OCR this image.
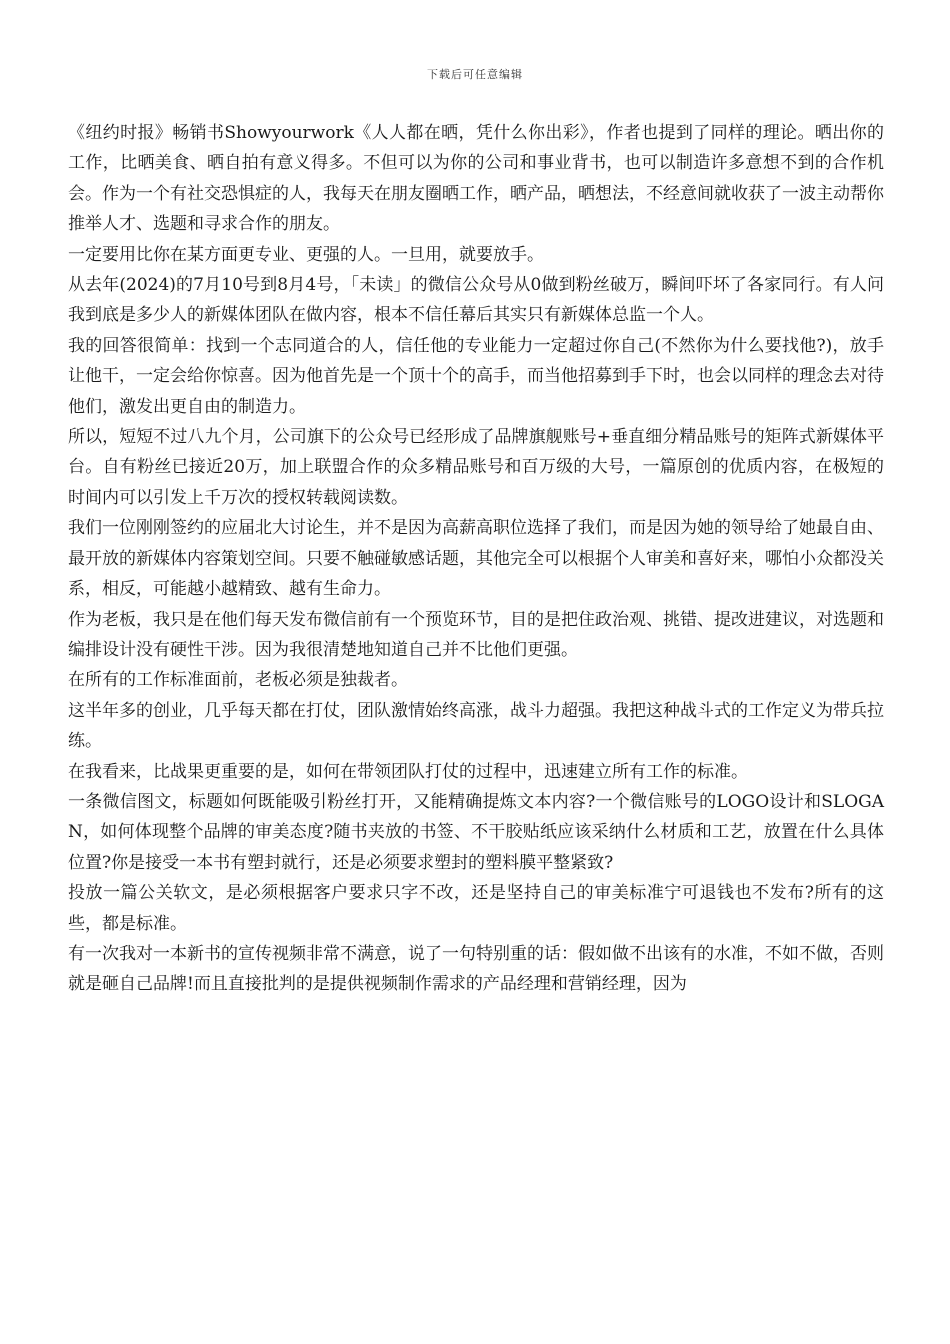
下载后可任意编辑

《纽约时报》畅销书Showyourwork《人人都在晒，凭什么你出彩》，作者也提到了同样的理论。晒出你的工作，比晒美食、晒自拍有意义得多。不但可以为你的公司和事业背书，也可以制造许多意想不到的合作机会。作为一个有社交恐惧症的人，我每天在朋友圈晒工作，晒产品，晒想法，不经意间就收获了一波主动帮你推举人才、选题和寻求合作的朋友。

一定要用比你在某方面更专业、更强的人。一旦用，就要放手。

从去年(2024)的7月10号到8月4号，「未读」的微信公众号从0做到粉丝破万，瞬间吓坏了各家同行。有人问我到底是多少人的新媒体团队在做内容，根本不信任幕后其实只有新媒体总监一个人。

我的回答很简单：找到一个志同道合的人，信任他的专业能力一定超过你自己(不然你为什么要找他?)，放手让他干，一定会给你惊喜。因为他首先是一个顶十个的高手，而当他招募到手下时，也会以同样的理念去对待他们，激发出更自由的制造力。

所以，短短不过八九个月，公司旗下的公众号已经形成了品牌旗舰账号+垂直细分精品账号的矩阵式新媒体平台。自有粉丝已接近20万，加上联盟合作的众多精品账号和百万级的大号，一篇原创的优质内容，在极短的时间内可以引发上千万次的授权转载阅读数。

我们一位刚刚签约的应届北大讨论生，并不是因为高薪高职位选择了我们，而是因为她的领导给了她最自由、最开放的新媒体内容策划空间。只要不触碰敏感话题，其他完全可以根据个人审美和喜好来，哪怕小众都没关系，相反，可能越小越精致、越有生命力。

作为老板，我只是在他们每天发布微信前有一个预览环节，目的是把住政治观、挑错、提改进建议，对选题和编排设计没有硬性干涉。因为我很清楚地知道自己并不比他们更强。

在所有的工作标准面前，老板必须是独裁者。

这半年多的创业，几乎每天都在打仗，团队激情始终高涨，战斗力超强。我把这种战斗式的工作定义为带兵拉练。

在我看来，比战果更重要的是，如何在带领团队打仗的过程中，迅速建立所有工作的标准。

一条微信图文，标题如何既能吸引粉丝打开，又能精确提炼文本内容?一个微信账号的LOGO设计和SLOGAN，如何体现整个品牌的审美态度?随书夹放的书签、不干胶贴纸应该采纳什么材质和工艺，放置在什么具体位置?你是接受一本书有塑封就行，还是必须要求塑封的塑料膜平整紧致?

投放一篇公关软文，是必须根据客户要求只字不改，还是坚持自己的审美标准宁可退钱也不发布?所有的这些，都是标准。

有一次我对一本新书的宣传视频非常不满意，说了一句特别重的话：假如做不出该有的水准，不如不做，否则就是砸自己品牌!而且直接批判的是提供视频制作需求的产品经理和营销经理，因为
